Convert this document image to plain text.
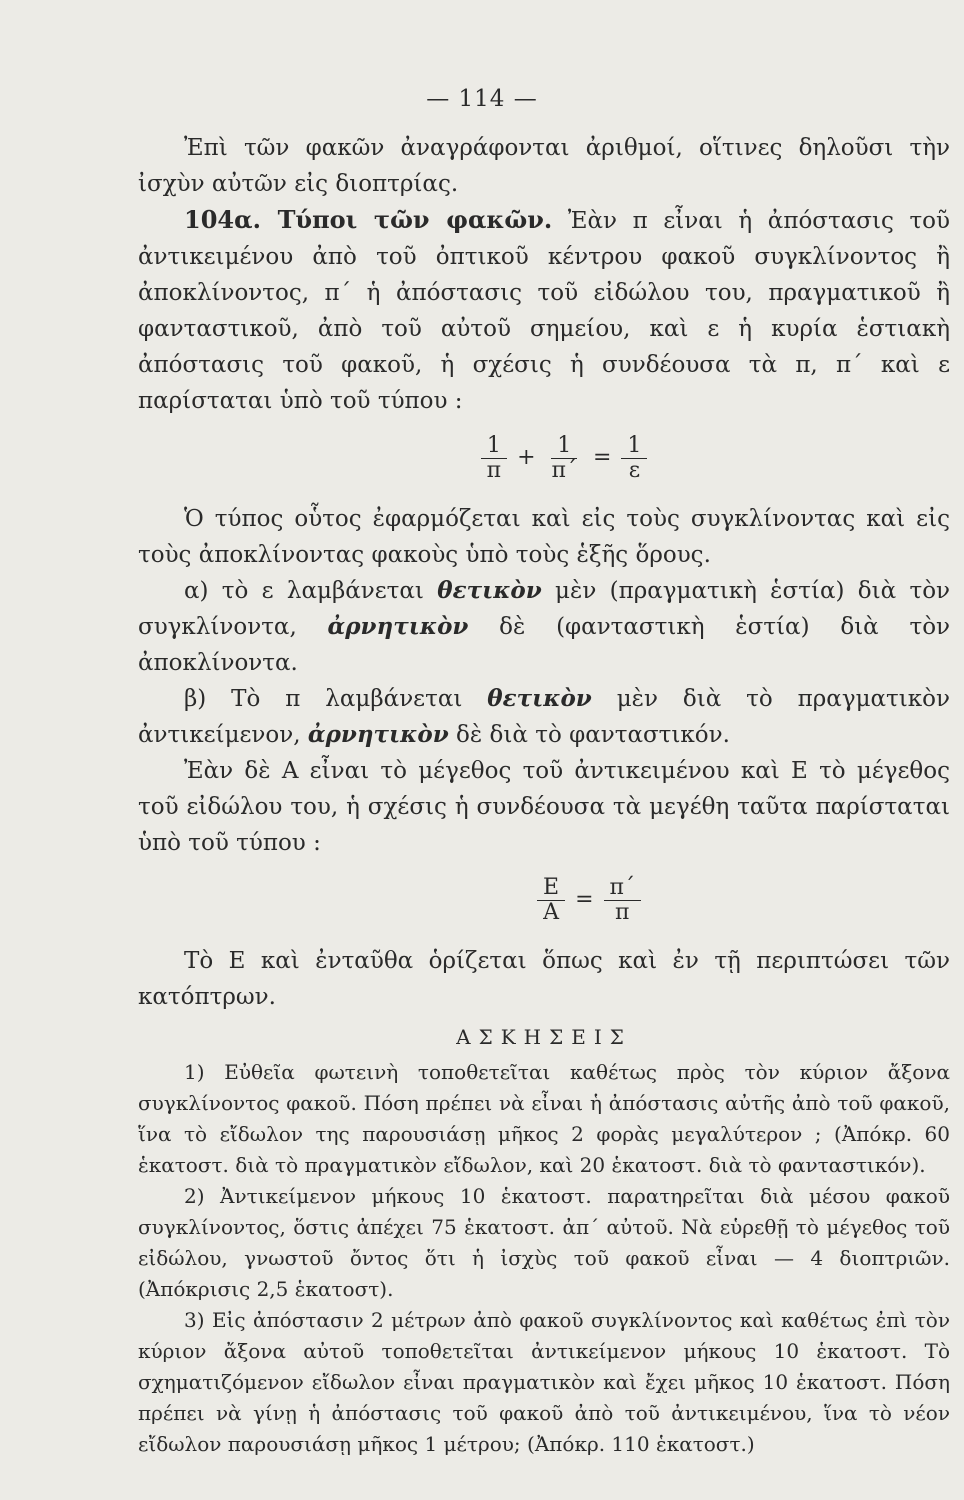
— 114 —

Ἐπὶ τῶν φακῶν ἀναγράφονται ἀριθμοί, οἵτινες δηλοῦσι τὴν ἰσχὺν αὐτῶν εἰς διοπτρίας.

104α. Τύποι τῶν φακῶν. Ἐὰν π εἶναι ἡ ἀπόστασις τοῦ ἀντικειμένου ἀπὸ τοῦ ὀπτικοῦ κέντρου φακοῦ συγκλίνοντος ἢ ἀποκλίνοντος, π΄ ἡ ἀπόστασις τοῦ εἰδώλου του, πραγματικοῦ ἢ φανταστικοῦ, ἀπὸ τοῦ αὐτοῦ σημείου, καὶ ε ἡ κυρία ἑστιακὴ ἀπόστασις τοῦ φακοῦ, ἡ σχέσις ἡ συνδέουσα τὰ π, π΄ καὶ ε παρίσταται ὑπὸ τοῦ τύπου :

$\frac{1}{\pi} + \frac{1}{\pi΄} = \frac{1}{\varepsilon}$

Ὁ τύπος οὗτος ἐφαρμόζεται καὶ εἰς τοὺς συγκλίνοντας καὶ εἰς τοὺς ἀποκλίνοντας φακοὺς ὑπὸ τοὺς ἑξῆς ὅρους.

α) τὸ ε λαμβάνεται θετικὸν μὲν (πραγματικὴ ἑστία) διὰ τὸν συγκλίνοντα, ἀρνητικὸν δὲ (φανταστικὴ ἑστία) διὰ τὸν ἀποκλίνοντα.

β) Τὸ π λαμβάνεται θετικὸν μὲν διὰ τὸ πραγματικὸν ἀντικείμενον, ἀρνητικὸν δὲ διὰ τὸ φανταστικόν.

Ἐὰν δὲ Α εἶναι τὸ μέγεθος τοῦ ἀντικειμένου καὶ Ε τὸ μέγεθος τοῦ εἰδώλου του, ἡ σχέσις ἡ συνδέουσα τὰ μεγέθη ταῦτα παρίσταται ὑπὸ τοῦ τύπου :

$\frac{E}{A} = \frac{\pi΄}{\pi}$

Τὸ Ε καὶ ἐνταῦθα ὁρίζεται ὅπως καὶ ἐν τῇ περιπτώσει τῶν κατόπτρων.

ΑΣΚΗΣΕΙΣ

1) Εὐθεῖα φωτεινὴ τοποθετεῖται καθέτως πρὸς τὸν κύριον ἄξονα συγκλίνοντος φακοῦ. Πόση πρέπει νὰ εἶναι ἡ ἀπόστασις αὐτῆς ἀπὸ τοῦ φακοῦ, ἵνα τὸ εἴδωλον της παρουσιάσῃ μῆκος 2 φορὰς μεγαλύτερον ; (Ἀπόκρ. 60 ἑκατοστ. διὰ τὸ πραγματικὸν εἴδωλον, καὶ 20 ἑκατοστ. διὰ τὸ φανταστικόν).

2) Ἀντικείμενον μήκους 10 ἑκατοστ. παρατηρεῖται διὰ μέσου φακοῦ συγκλίνοντος, ὅστις ἀπέχει 75 ἑκατοστ. ἀπ΄ αὐτοῦ. Νὰ εὑρεθῇ τὸ μέγεθος τοῦ εἰδώλου, γνωστοῦ ὄντος ὅτι ἡ ἰσχὺς τοῦ φακοῦ εἶναι — 4 διοπτριῶν. (Ἀπόκρισις 2,5 ἑκατοστ).

3) Εἰς ἀπόστασιν 2 μέτρων ἀπὸ φακοῦ συγκλίνοντος καὶ καθέτως ἐπὶ τὸν κύριον ἄξονα αὐτοῦ τοποθετεῖται ἀντικείμενον μήκους 10 ἑκατοστ. Τὸ σχηματιζόμενον εἴδωλον εἶναι πραγματικὸν καὶ ἔχει μῆκος 10 ἑκατοστ. Πόση πρέπει νὰ γίνῃ ἡ ἀπόστασις τοῦ φακοῦ ἀπὸ τοῦ ἀντικειμένου, ἵνα τὸ νέον εἴδωλον παρουσιάσῃ μῆκος 1 μέτρου; (Ἀπόκρ. 110 ἑκατοστ.)
